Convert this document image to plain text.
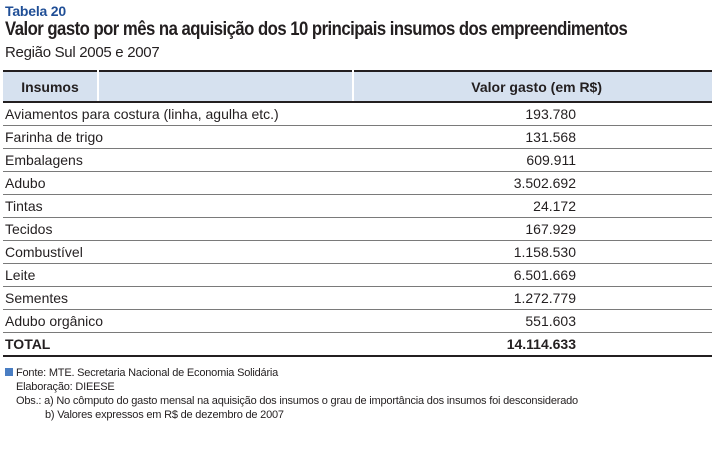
Tabela 20
Valor gasto por mês na aquisição dos 10 principais insumos dos empreendimentos
Região Sul 2005 e 2007
Insumos		Valor gasto (em R$)
Aviamentos para costura (linha, agulha etc.)		193.780
Farinha de trigo		131.568
Embalagens		609.911
Adubo		3.502.692
Tintas		24.172
Tecidos		167.929
Combustível		1.158.530
Leite		6.501.669
Sementes		1.272.779
Adubo orgânico		551.603
TOTAL		14.114.633
Fonte: MTE. Secretaria Nacional de Economia Solidária
Elaboração: DIEESE
Obs.: a) No cômputo do gasto mensal na aquisição dos insumos o grau de importância dos insumos foi desconsiderado
b) Valores expressos em R$ de dezembro de 2007
